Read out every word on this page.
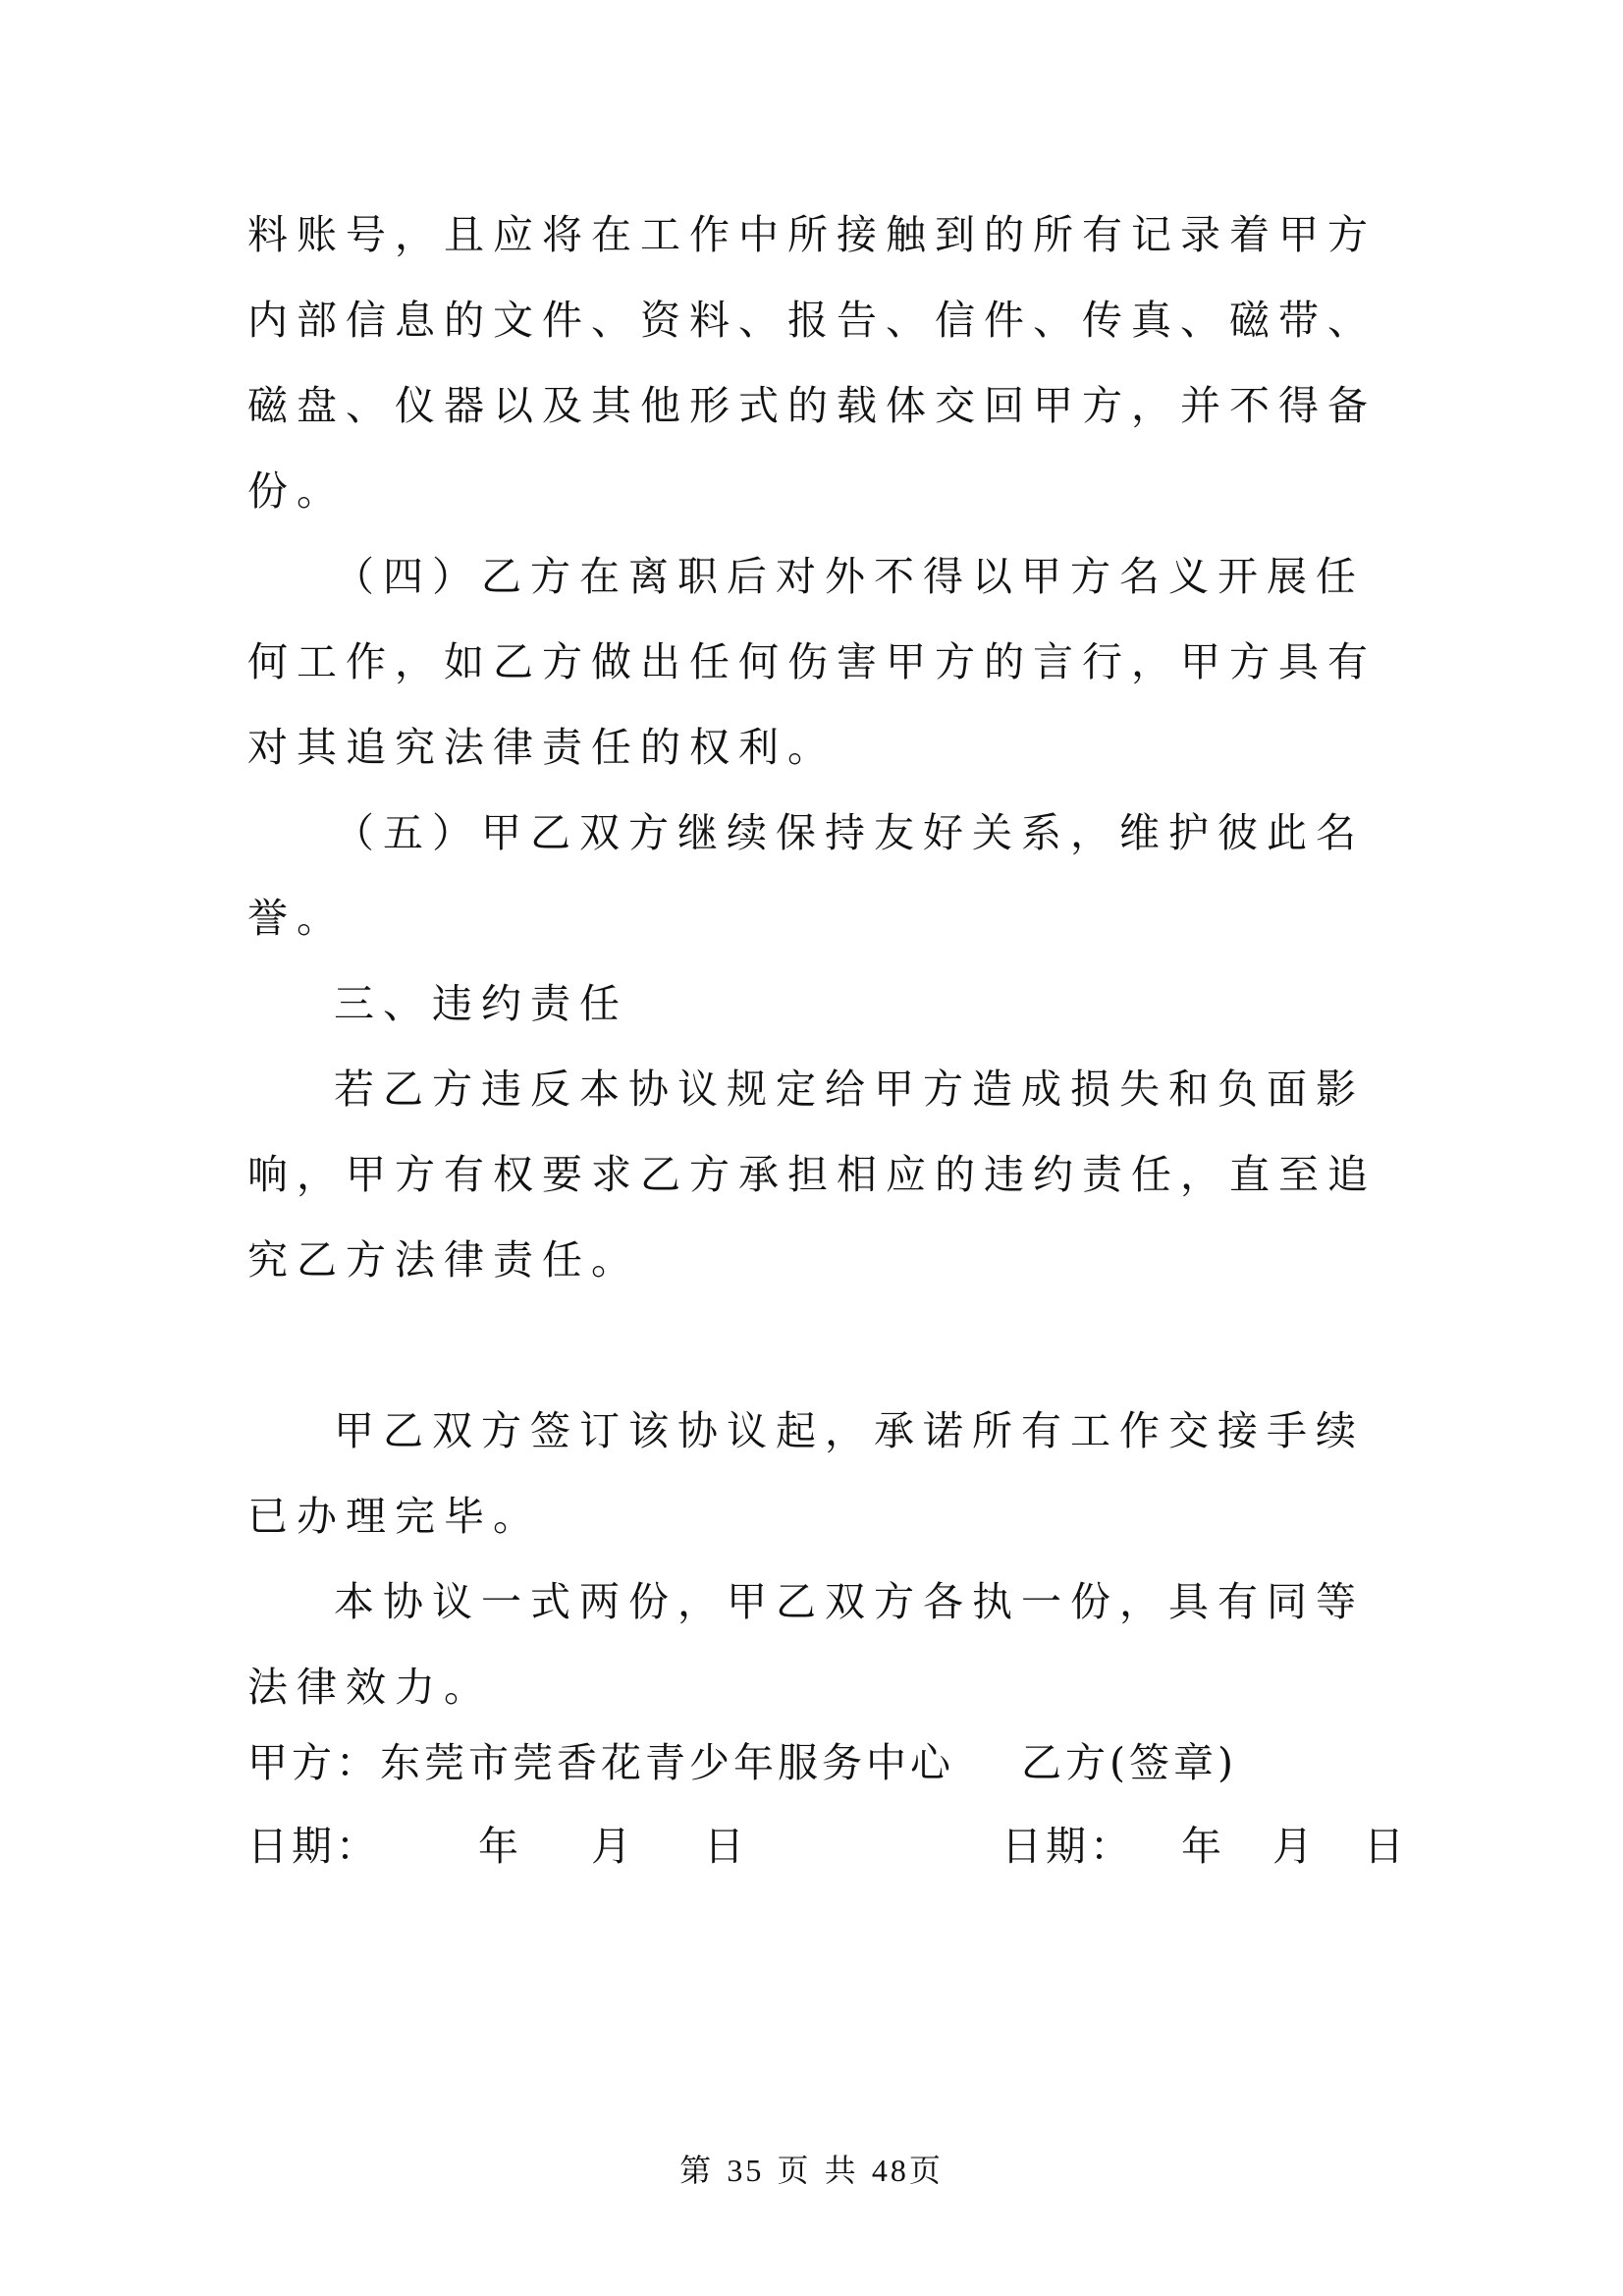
料账号，且应将在工作中所接触到的所有记录着甲方内部信息的文件、资料、报告、信件、传真、磁带、磁盘、仪器以及其他形式的载体交回甲方，并不得备份。

（四）乙方在离职后对外不得以甲方名义开展任何工作，如乙方做出任何伤害甲方的言行，甲方具有对其追究法律责任的权利。

（五）甲乙双方继续保持友好关系，维护彼此名誉。

三、违约责任

若乙方违反本协议规定给甲方造成损失和负面影响，甲方有权要求乙方承担相应的违约责任，直至追究乙方法律责任。

甲乙双方签订该协议起，承诺所有工作交接手续已办理完毕。

本协议一式两份，甲乙双方各执一份，具有同等法律效力。

甲方：东莞市莞香花青少年服务中心 乙方(签章)
日期： 年 月 日	日期： 年 月 日
第 35 页 共 48页
